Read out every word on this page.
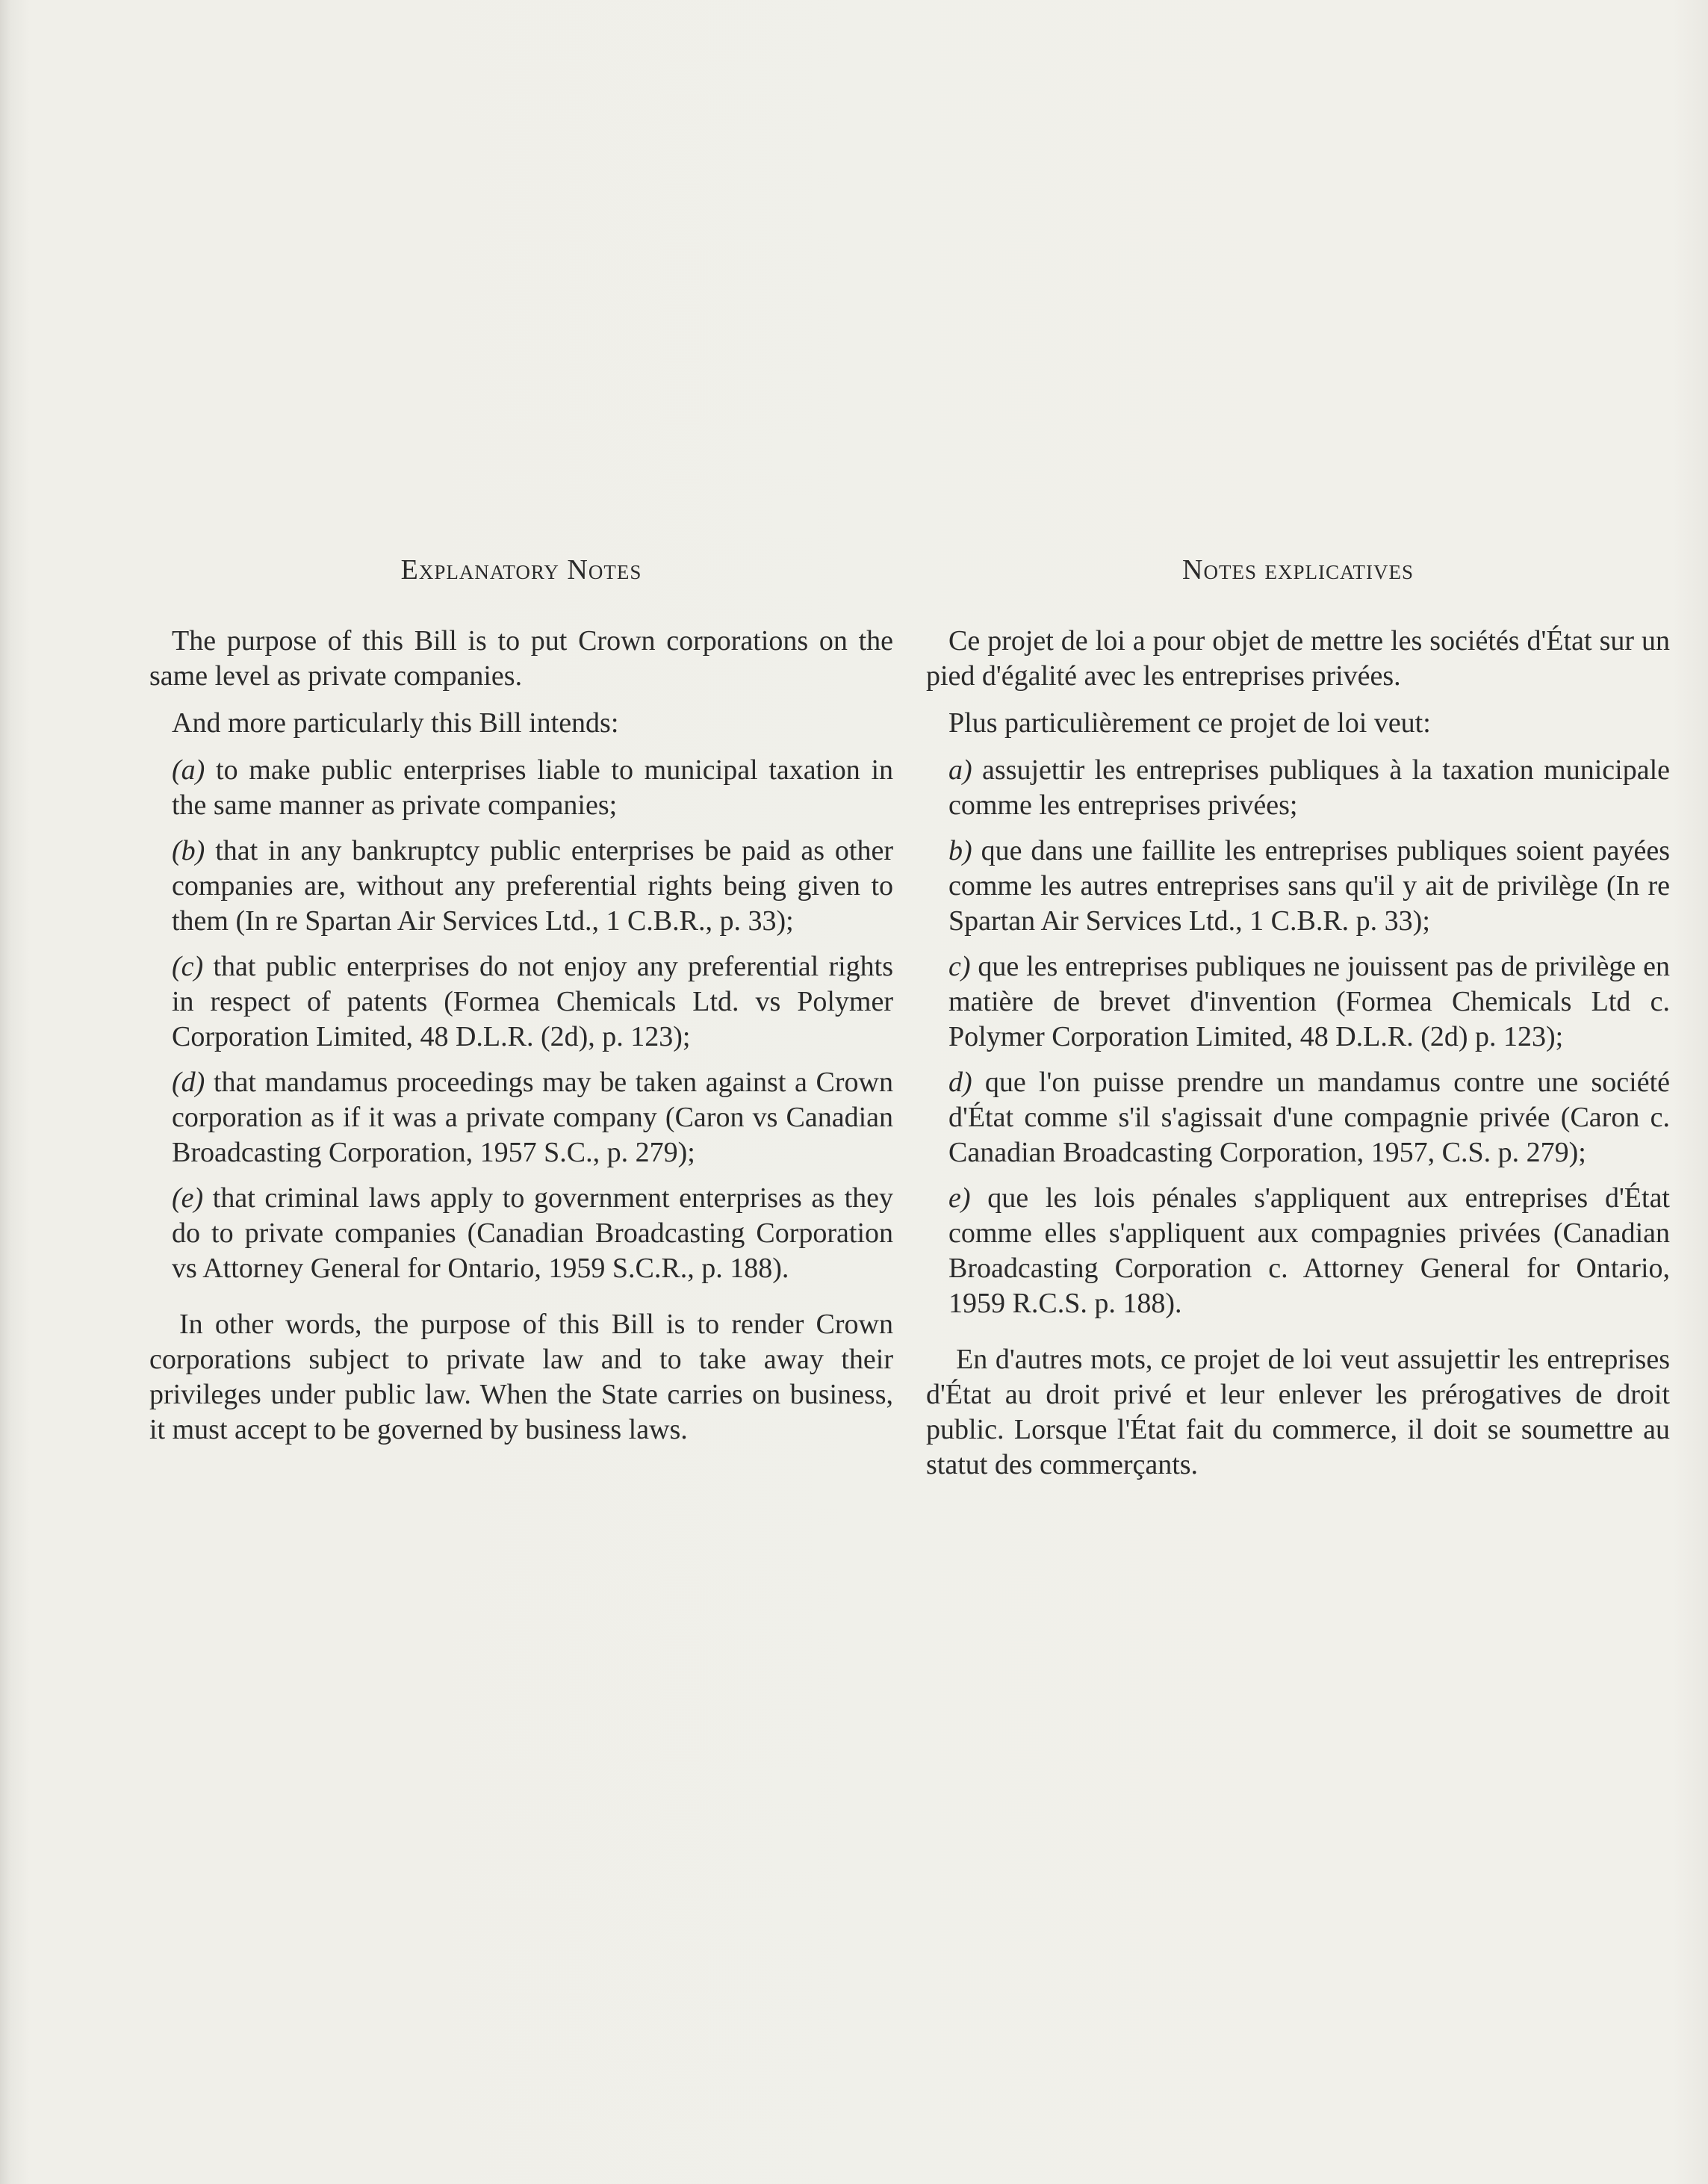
Explanatory Notes

The purpose of this Bill is to put Crown corporations on the same level as private companies.

And more particularly this Bill intends:

(a) to make public enterprises liable to municipal taxation in the same manner as private companies;

(b) that in any bankruptcy public enterprises be paid as other companies are, without any preferential rights being given to them (In re Spartan Air Services Ltd., 1 C.B.R., p. 33);

(c) that public enterprises do not enjoy any preferential rights in respect of patents (Formea Chemicals Ltd. vs Polymer Corporation Limited, 48 D.L.R. (2d), p. 123);

(d) that mandamus proceedings may be taken against a Crown corporation as if it was a private company (Caron vs Canadian Broadcasting Corporation, 1957 S.C., p. 279);

(e) that criminal laws apply to government enterprises as they do to private companies (Canadian Broadcasting Corporation vs Attorney General for Ontario, 1959 S.C.R., p. 188).

In other words, the purpose of this Bill is to render Crown corporations subject to private law and to take away their privileges under public law. When the State carries on business, it must accept to be governed by business laws.

Notes explicatives

Ce projet de loi a pour objet de mettre les sociétés d'État sur un pied d'égalité avec les entreprises privées.

Plus particulièrement ce projet de loi veut:

a) assujettir les entreprises publiques à la taxation municipale comme les entreprises privées;

b) que dans une faillite les entreprises publiques soient payées comme les autres entreprises sans qu'il y ait de privilège (In re Spartan Air Services Ltd., 1 C.B.R. p. 33);

c) que les entreprises publiques ne jouissent pas de privilège en matière de brevet d'invention (Formea Chemicals Ltd c. Polymer Corporation Limited, 48 D.L.R. (2d) p. 123);

d) que l'on puisse prendre un mandamus contre une société d'État comme s'il s'agissait d'une compagnie privée (Caron c. Canadian Broadcasting Corporation, 1957, C.S. p. 279);

e) que les lois pénales s'appliquent aux entreprises d'État comme elles s'appliquent aux compagnies privées (Canadian Broadcasting Corporation c. Attorney General for Ontario, 1959 R.C.S. p. 188).

En d'autres mots, ce projet de loi veut assujettir les entreprises d'État au droit privé et leur enlever les prérogatives de droit public. Lorsque l'État fait du commerce, il doit se soumettre au statut des commerçants.
